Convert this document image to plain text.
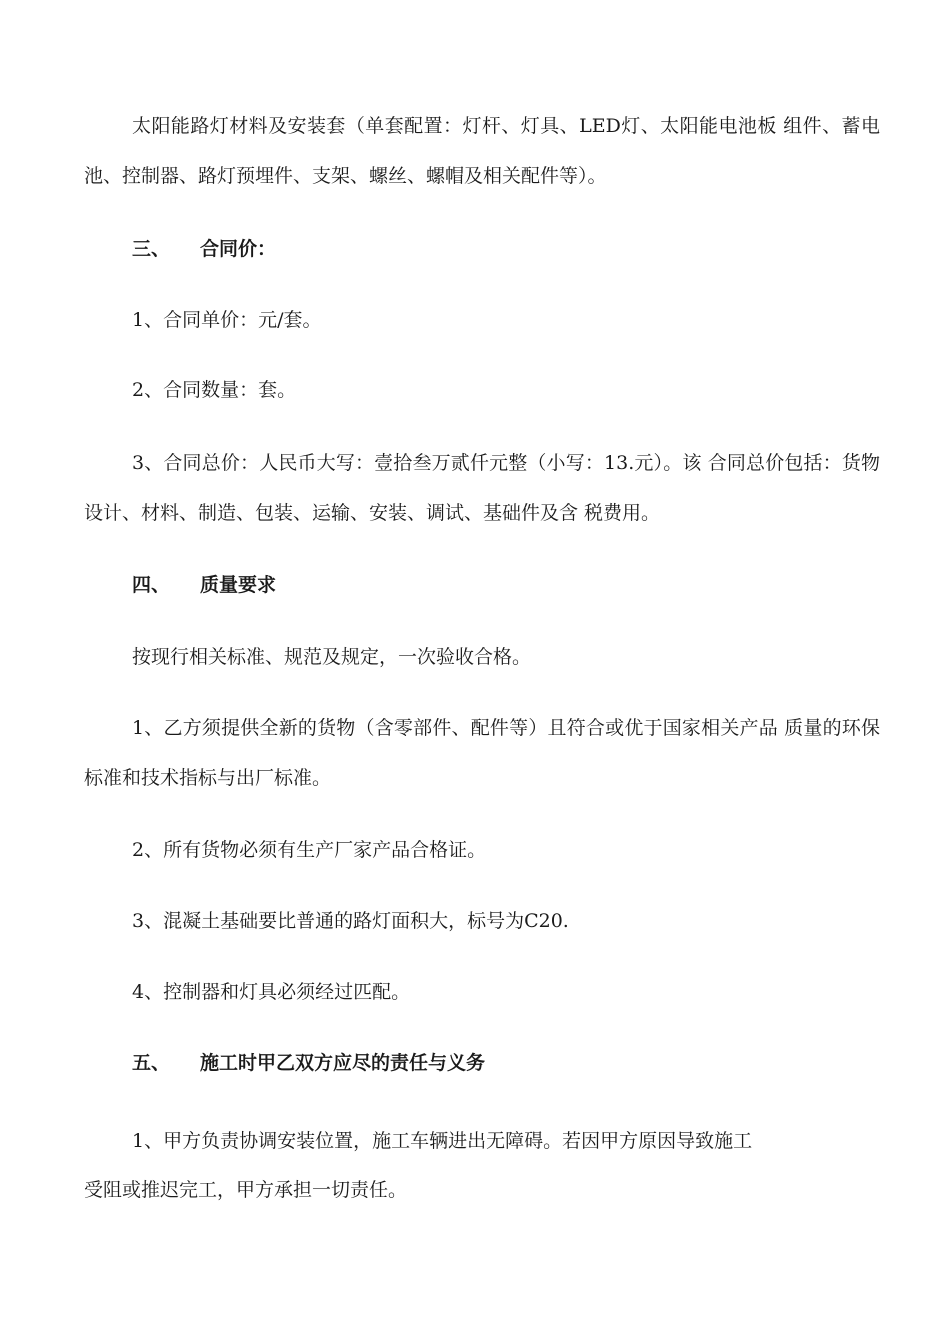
太阳能路灯材料及安装套（单套配置：灯杆、灯具、LED灯、太阳能电池板 组件、蓄电池、控制器、路灯预埋件、支架、螺丝、螺帽及相关配件等）。

三、 合同价：

1、合同单价：元/套。

2、合同数量：套。

3、合同总价：人民币大写：壹拾叁万贰仟元整（小写：13.元）。该 合同总价包括：货物设计、材料、制造、包装、运输、安装、调试、基础件及含 税费用。

四、 质量要求

按现行相关标准、规范及规定，一次验收合格。

1、乙方须提供全新的货物（含零部件、配件等）且符合或优于国家相关产品 质量的环保标准和技术指标与出厂标准。

2、所有货物必须有生产厂家产品合格证。

3、混凝土基础要比普通的路灯面积大，标号为C20.

4、控制器和灯具必须经过匹配。

五、 施工时甲乙双方应尽的责任与义务

1、甲方负责协调安装位置，施工车辆进出无障碍。若因甲方原因导致施工

受阻或推迟完工，甲方承担一切责任。
